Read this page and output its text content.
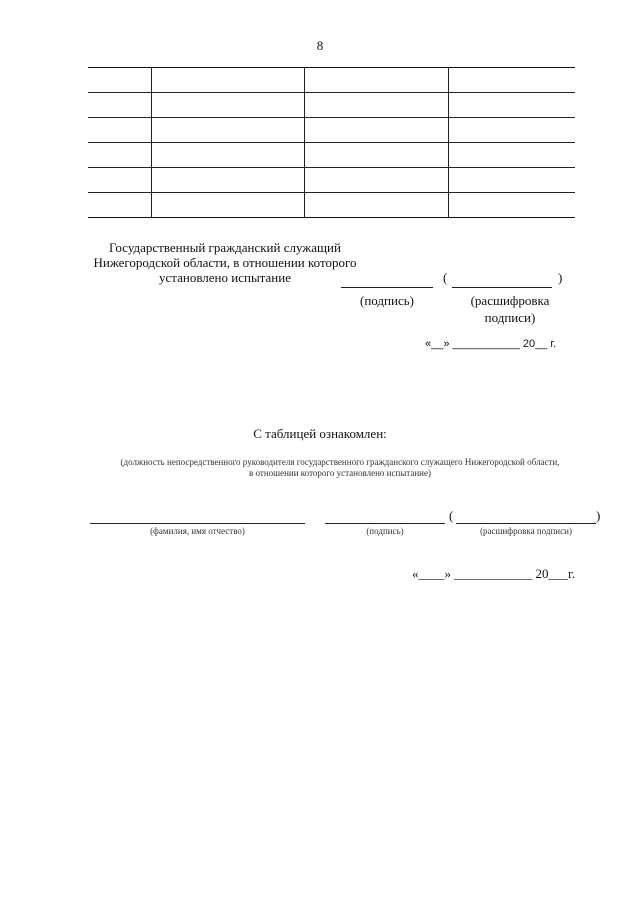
8
Государственный гражданский служащий Нижегородской области, в отношении которого установлено испытание	(	)
(подпись)	(расшифровка
подписи)
«__» ___________ 20__ г.
С таблицей ознакомлен:
(должность непосредственного руководителя государственного гражданского служащего Нижегородской области,
в отношении которого установлено испытание)
(	)
(фамилия, имя отчество)	(подпись)	(расшифровка подписи)
«____» ____________ 20___г.
